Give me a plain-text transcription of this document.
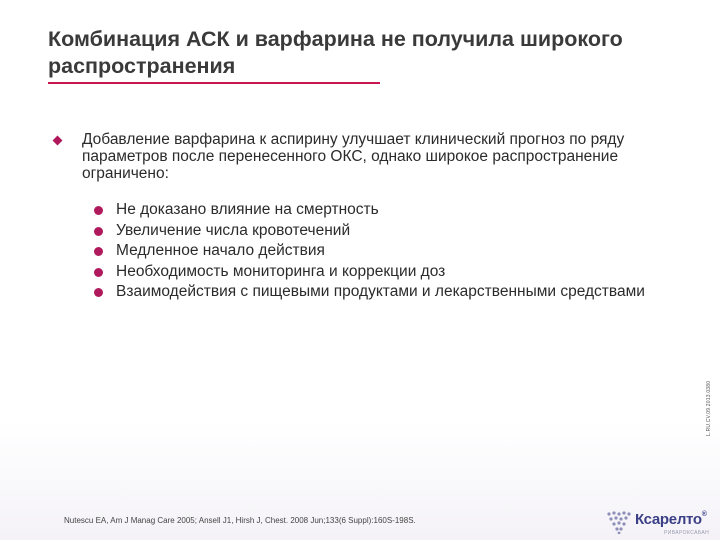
Комбинация АСК и варфарина не получила широкого распространения
Добавление варфарина к аспирину улучшает клинический прогноз по ряду параметров после перенесенного ОКС, однако широкое распространение ограничено:
Не доказано влияние на смертность
Увеличение числа кровотечений
Медленное начало действия
Необходимость мониторинга и коррекции доз
Взаимодействия с пищевыми продуктами и лекарственными средствами
L.RU.CV.09.2013.0380
Nutescu EA, Am J Manag Care 2005; Ansell J1, Hirsh J, Chest. 2008 Jun;133(6 Suppl):160S-198S.	Ксарелто®
РИВАРОКСАБАН
